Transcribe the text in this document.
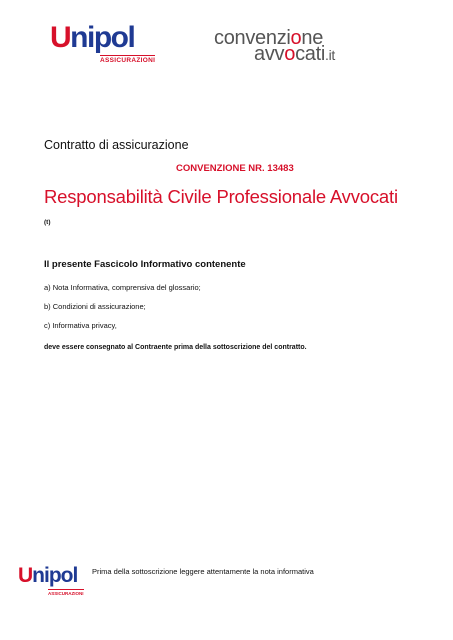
Unipol
ASSICURAZIONI
convenzione
avvocati.it
Contratto di assicurazione
CONVENZIONE NR. 13483
Responsabilità Civile Professionale Avvocati
(t)
Il presente Fascicolo Informativo contenente
a) Nota Informativa, comprensiva del glossario;
b) Condizioni di assicurazione;
c) Informativa privacy,
deve essere consegnato al Contraente prima della sottoscrizione del contratto.
Unipol
ASSICURAZIONI
Prima della sottoscrizione leggere attentamente la nota informativa
